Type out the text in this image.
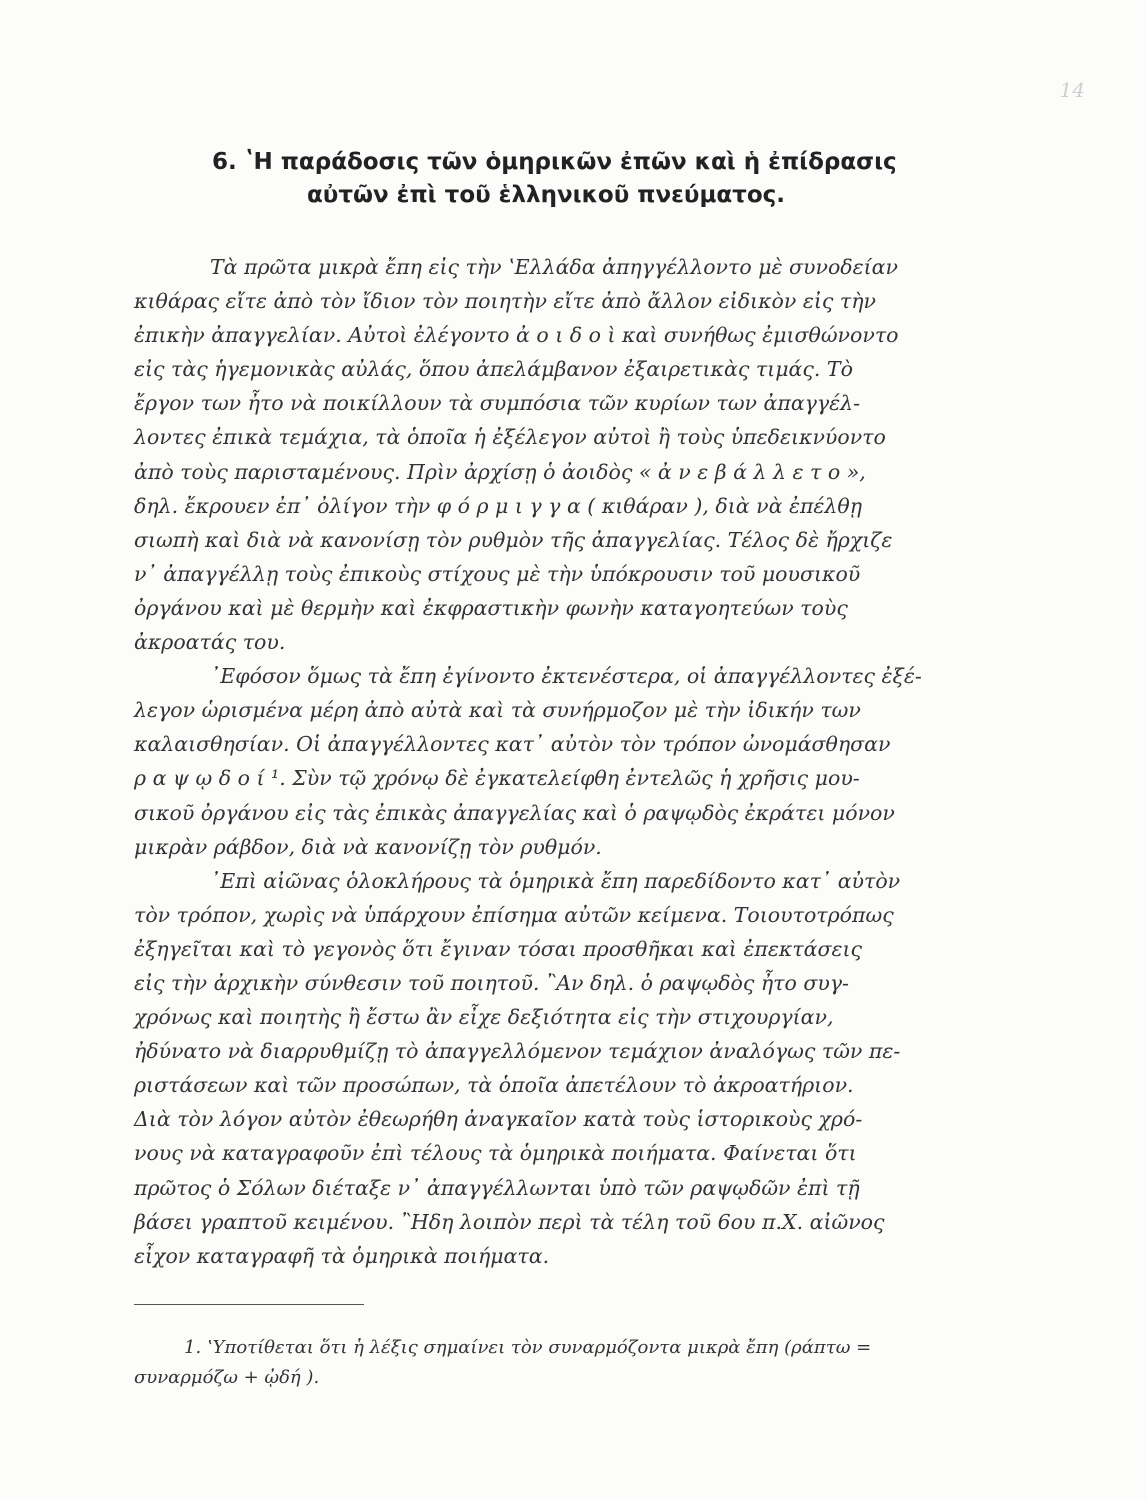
14
6. ʽΗ παράδοσις τῶν ὁμηρικῶν ἐπῶν καὶ ἡ ἐπίδρασις
αὐτῶν ἐπὶ τοῦ ἑλληνικοῦ πνεύματος.
Τὰ πρῶτα μικρὰ ἔπη εἰς τὴν ʽΕλλάδα ἀπηγγέλλοντο μὲ συνοδείαν
κιθάρας εἴτε ἀπὸ τὸν ἴδιον τὸν ποιητὴν εἴτε ἀπὸ ἄλλον εἰδικὸν εἰς τὴν
ἐπικὴν ἀπαγγελίαν. Αὐτοὶ ἐλέγοντο ἀ ο ι δ ο ὶ καὶ συνήθως ἐμισθώνοντο
εἰς τὰς ἡγεμονικὰς αὐλάς, ὅπου ἀπελάμβανον ἐξαιρετικὰς τιμάς. Τὸ
ἔργον των ἦτο νὰ ποικίλλουν τὰ συμπόσια τῶν κυρίων των ἀπαγγέλ-
λοντες ἐπικὰ τεμάχια, τὰ ὁποῖα ἡ ἐξέλεγον αὐτοὶ ἢ τοὺς ὑπεδεικνύοντο
ἀπὸ τοὺς παρισταμένους. Πρὶν ἀρχίσῃ ὁ ἀοιδὸς « ἀ ν ε β ά λ λ ε τ ο »,
δηλ. ἔκρουεν ἐπ᾽ ὀλίγον τὴν φ ό ρ μ ι γ γ α ( κιθάραν ), διὰ νὰ ἐπέλθῃ
σιωπὴ καὶ διὰ νὰ κανονίσῃ τὸν ρυθμὸν τῆς ἀπαγγελίας. Τέλος δὲ ἤρχιζε
ν᾽ ἀπαγγέλλῃ τοὺς ἐπικοὺς στίχους μὲ τὴν ὑπόκρουσιν τοῦ μουσικοῦ
ὀργάνου καὶ μὲ θερμὴν καὶ ἐκφραστικὴν φωνὴν καταγοητεύων τοὺς
ἀκροατάς του.
᾽Εφόσον ὅμως τὰ ἔπη ἐγίνοντο ἐκτενέστερα, οἱ ἀπαγγέλλοντες ἐξέ-
λεγον ὡρισμένα μέρη ἀπὸ αὐτὰ καὶ τὰ συνήρμοζον μὲ τὴν ἰδικήν των
καλαισθησίαν. Οἱ ἀπαγγέλλοντες κατ᾽ αὐτὸν τὸν τρόπον ὠνομάσθησαν
ρ α ψ ῳ δ ο ί ¹. Σὺν τῷ χρόνῳ δὲ ἐγκατελείφθη ἐντελῶς ἡ χρῆσις μου-
σικοῦ ὀργάνου εἰς τὰς ἐπικὰς ἀπαγγελίας καὶ ὁ ραψῳδὸς ἐκράτει μόνον
μικρὰν ράβδον, διὰ νὰ κανονίζῃ τὸν ρυθμόν.
᾽Επὶ αἰῶνας ὁλοκλήρους τὰ ὁμηρικὰ ἔπη παρεδίδοντο κατ᾽ αὐτὸν
τὸν τρόπον, χωρὶς νὰ ὑπάρχουν ἐπίσημα αὐτῶν κείμενα. Τοιουτοτρόπως
ἐξηγεῖται καὶ τὸ γεγονὸς ὅτι ἔγιναν τόσαι προσθῆκαι καὶ ἐπεκτάσεις
εἰς τὴν ἀρχικὴν σύνθεσιν τοῦ ποιητοῦ. ῍Αν δηλ. ὁ ραψῳδὸς ἦτο συγ-
χρόνως καὶ ποιητὴς ἢ ἔστω ἂν εἶχε δεξιότητα εἰς τὴν στιχουργίαν,
ἠδύνατο νὰ διαρρυθμίζῃ τὸ ἀπαγγελλόμενον τεμάχιον ἀναλόγως τῶν πε-
ριστάσεων καὶ τῶν προσώπων, τὰ ὁποῖα ἀπετέλουν τὸ ἀκροατήριον.
Διὰ τὸν λόγον αὐτὸν ἐθεωρήθη ἀναγκαῖον κατὰ τοὺς ἱστορικοὺς χρό-
νους νὰ καταγραφοῦν ἐπὶ τέλους τὰ ὁμηρικὰ ποιήματα. Φαίνεται ὅτι
πρῶτος ὁ Σόλων διέταξε ν᾽ ἀπαγγέλλωνται ὑπὸ τῶν ραψῳδῶν ἐπὶ τῇ
βάσει γραπτοῦ κειμένου. ῍Ηδη λοιπὸν περὶ τὰ τέλη τοῦ 6ου π.Χ. αἰῶνος
εἶχον καταγραφῆ τὰ ὁμηρικὰ ποιήματα.
1. ʽΥποτίθεται ὅτι ἡ λέξις σημαίνει τὸν συναρμόζοντα μικρὰ ἔπη (ράπτω =
συναρμόζω + ᾠδή ).
